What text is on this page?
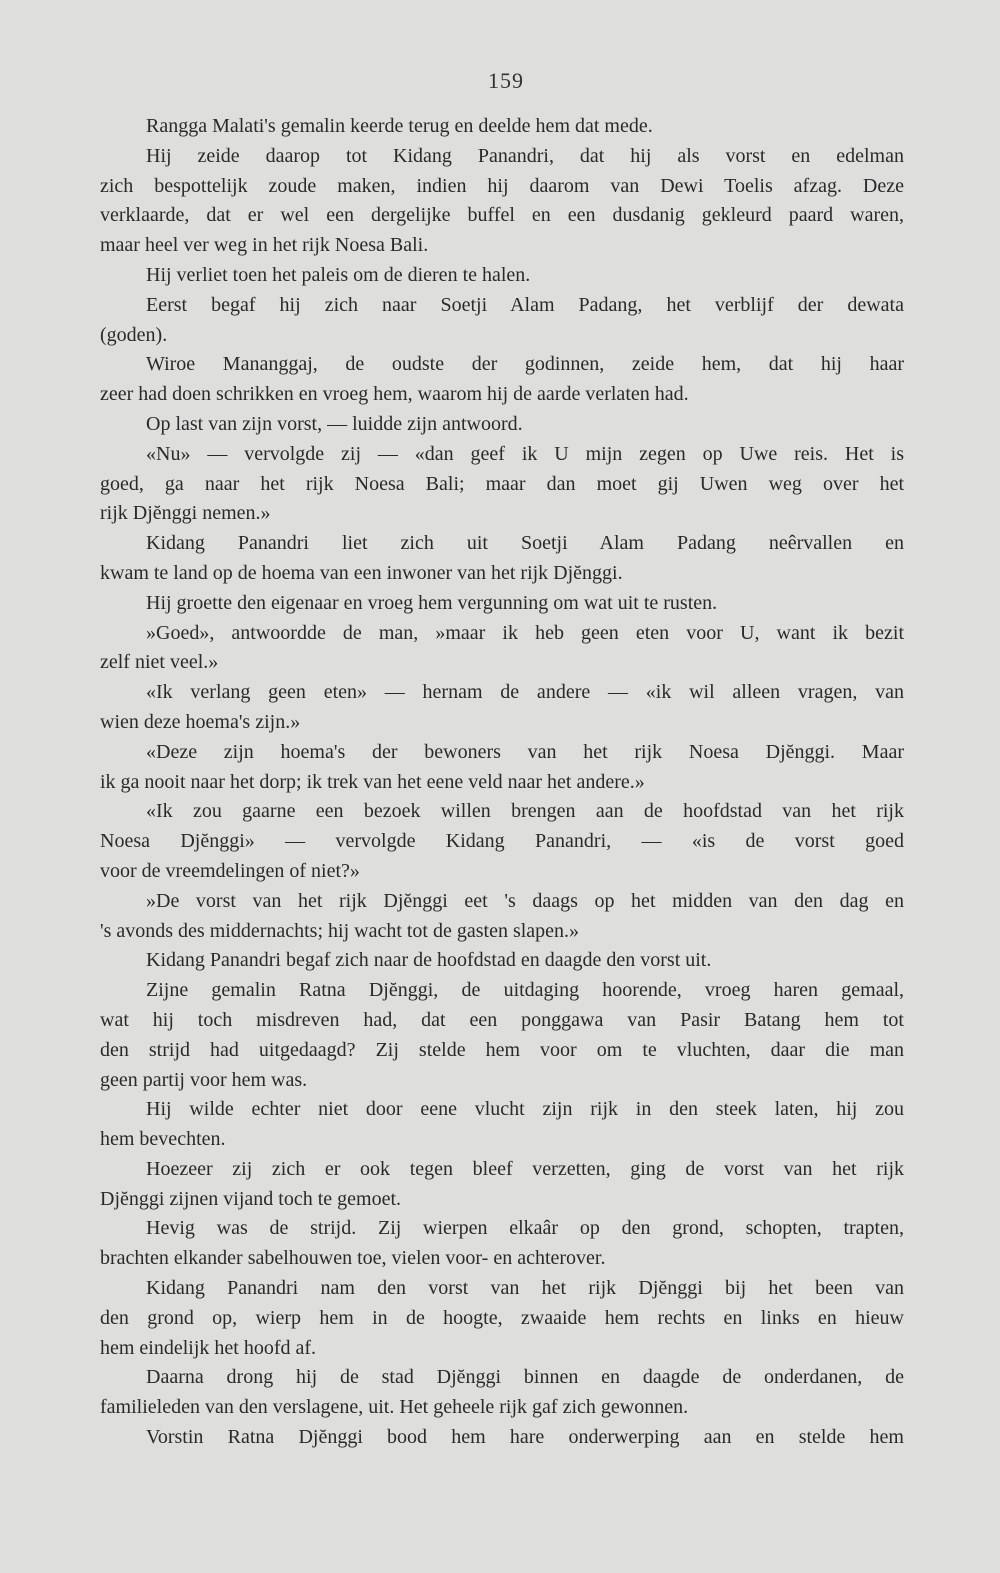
159
Rangga Malati's gemalin keerde terug en deelde hem dat mede.
Hij zeide daarop tot Kidang Panandri, dat hij als vorst en edelman
zich bespottelijk zoude maken, indien hij daarom van Dewi Toelis afzag. Deze
verklaarde, dat er wel een dergelijke buffel en een dusdanig gekleurd paard waren,
maar heel ver weg in het rijk Noesa Bali.
Hij verliet toen het paleis om de dieren te halen.
Eerst begaf hij zich naar Soetji Alam Padang, het verblijf der dewata
(goden).
Wiroe Mananggaj, de oudste der godinnen, zeide hem, dat hij haar
zeer had doen schrikken en vroeg hem, waarom hij de aarde verlaten had.
Op last van zijn vorst, — luidde zijn antwoord.
«Nu» — vervolgde zij — «dan geef ik U mijn zegen op Uwe reis. Het is
goed, ga naar het rijk Noesa Bali; maar dan moet gij Uwen weg over het
rijk Djĕnggi nemen.»
Kidang Panandri liet zich uit Soetji Alam Padang neêrvallen en
kwam te land op de hoema van een inwoner van het rijk Djĕnggi.
Hij groette den eigenaar en vroeg hem vergunning om wat uit te rusten.
»Goed», antwoordde de man, »maar ik heb geen eten voor U, want ik bezit
zelf niet veel.»
«Ik verlang geen eten» — hernam de andere — «ik wil alleen vragen, van
wien deze hoema's zijn.»
«Deze zijn hoema's der bewoners van het rijk Noesa Djĕnggi. Maar
ik ga nooit naar het dorp; ik trek van het eene veld naar het andere.»
«Ik zou gaarne een bezoek willen brengen aan de hoofdstad van het rijk
Noesa Djĕnggi» — vervolgde Kidang Panandri, — «is de vorst goed
voor de vreemdelingen of niet?»
»De vorst van het rijk Djĕnggi eet 's daags op het midden van den dag en
's avonds des middernachts; hij wacht tot de gasten slapen.»
Kidang Panandri begaf zich naar de hoofdstad en daagde den vorst uit.
Zijne gemalin Ratna Djĕnggi, de uitdaging hoorende, vroeg haren gemaal,
wat hij toch misdreven had, dat een ponggawa van Pasir Batang hem tot
den strijd had uitgedaagd? Zij stelde hem voor om te vluchten, daar die man
geen partij voor hem was.
Hij wilde echter niet door eene vlucht zijn rijk in den steek laten, hij zou
hem bevechten.
Hoezeer zij zich er ook tegen bleef verzetten, ging de vorst van het rijk
Djĕnggi zijnen vijand toch te gemoet.
Hevig was de strijd. Zij wierpen elkaâr op den grond, schopten, trapten,
brachten elkander sabelhouwen toe, vielen voor- en achterover.
Kidang Panandri nam den vorst van het rijk Djĕnggi bij het been van
den grond op, wierp hem in de hoogte, zwaaide hem rechts en links en hieuw
hem eindelijk het hoofd af.
Daarna drong hij de stad Djĕnggi binnen en daagde de onderdanen, de
familieleden van den verslagene, uit. Het geheele rijk gaf zich gewonnen.
Vorstin Ratna Djĕnggi bood hem hare onderwerping aan en stelde hem
